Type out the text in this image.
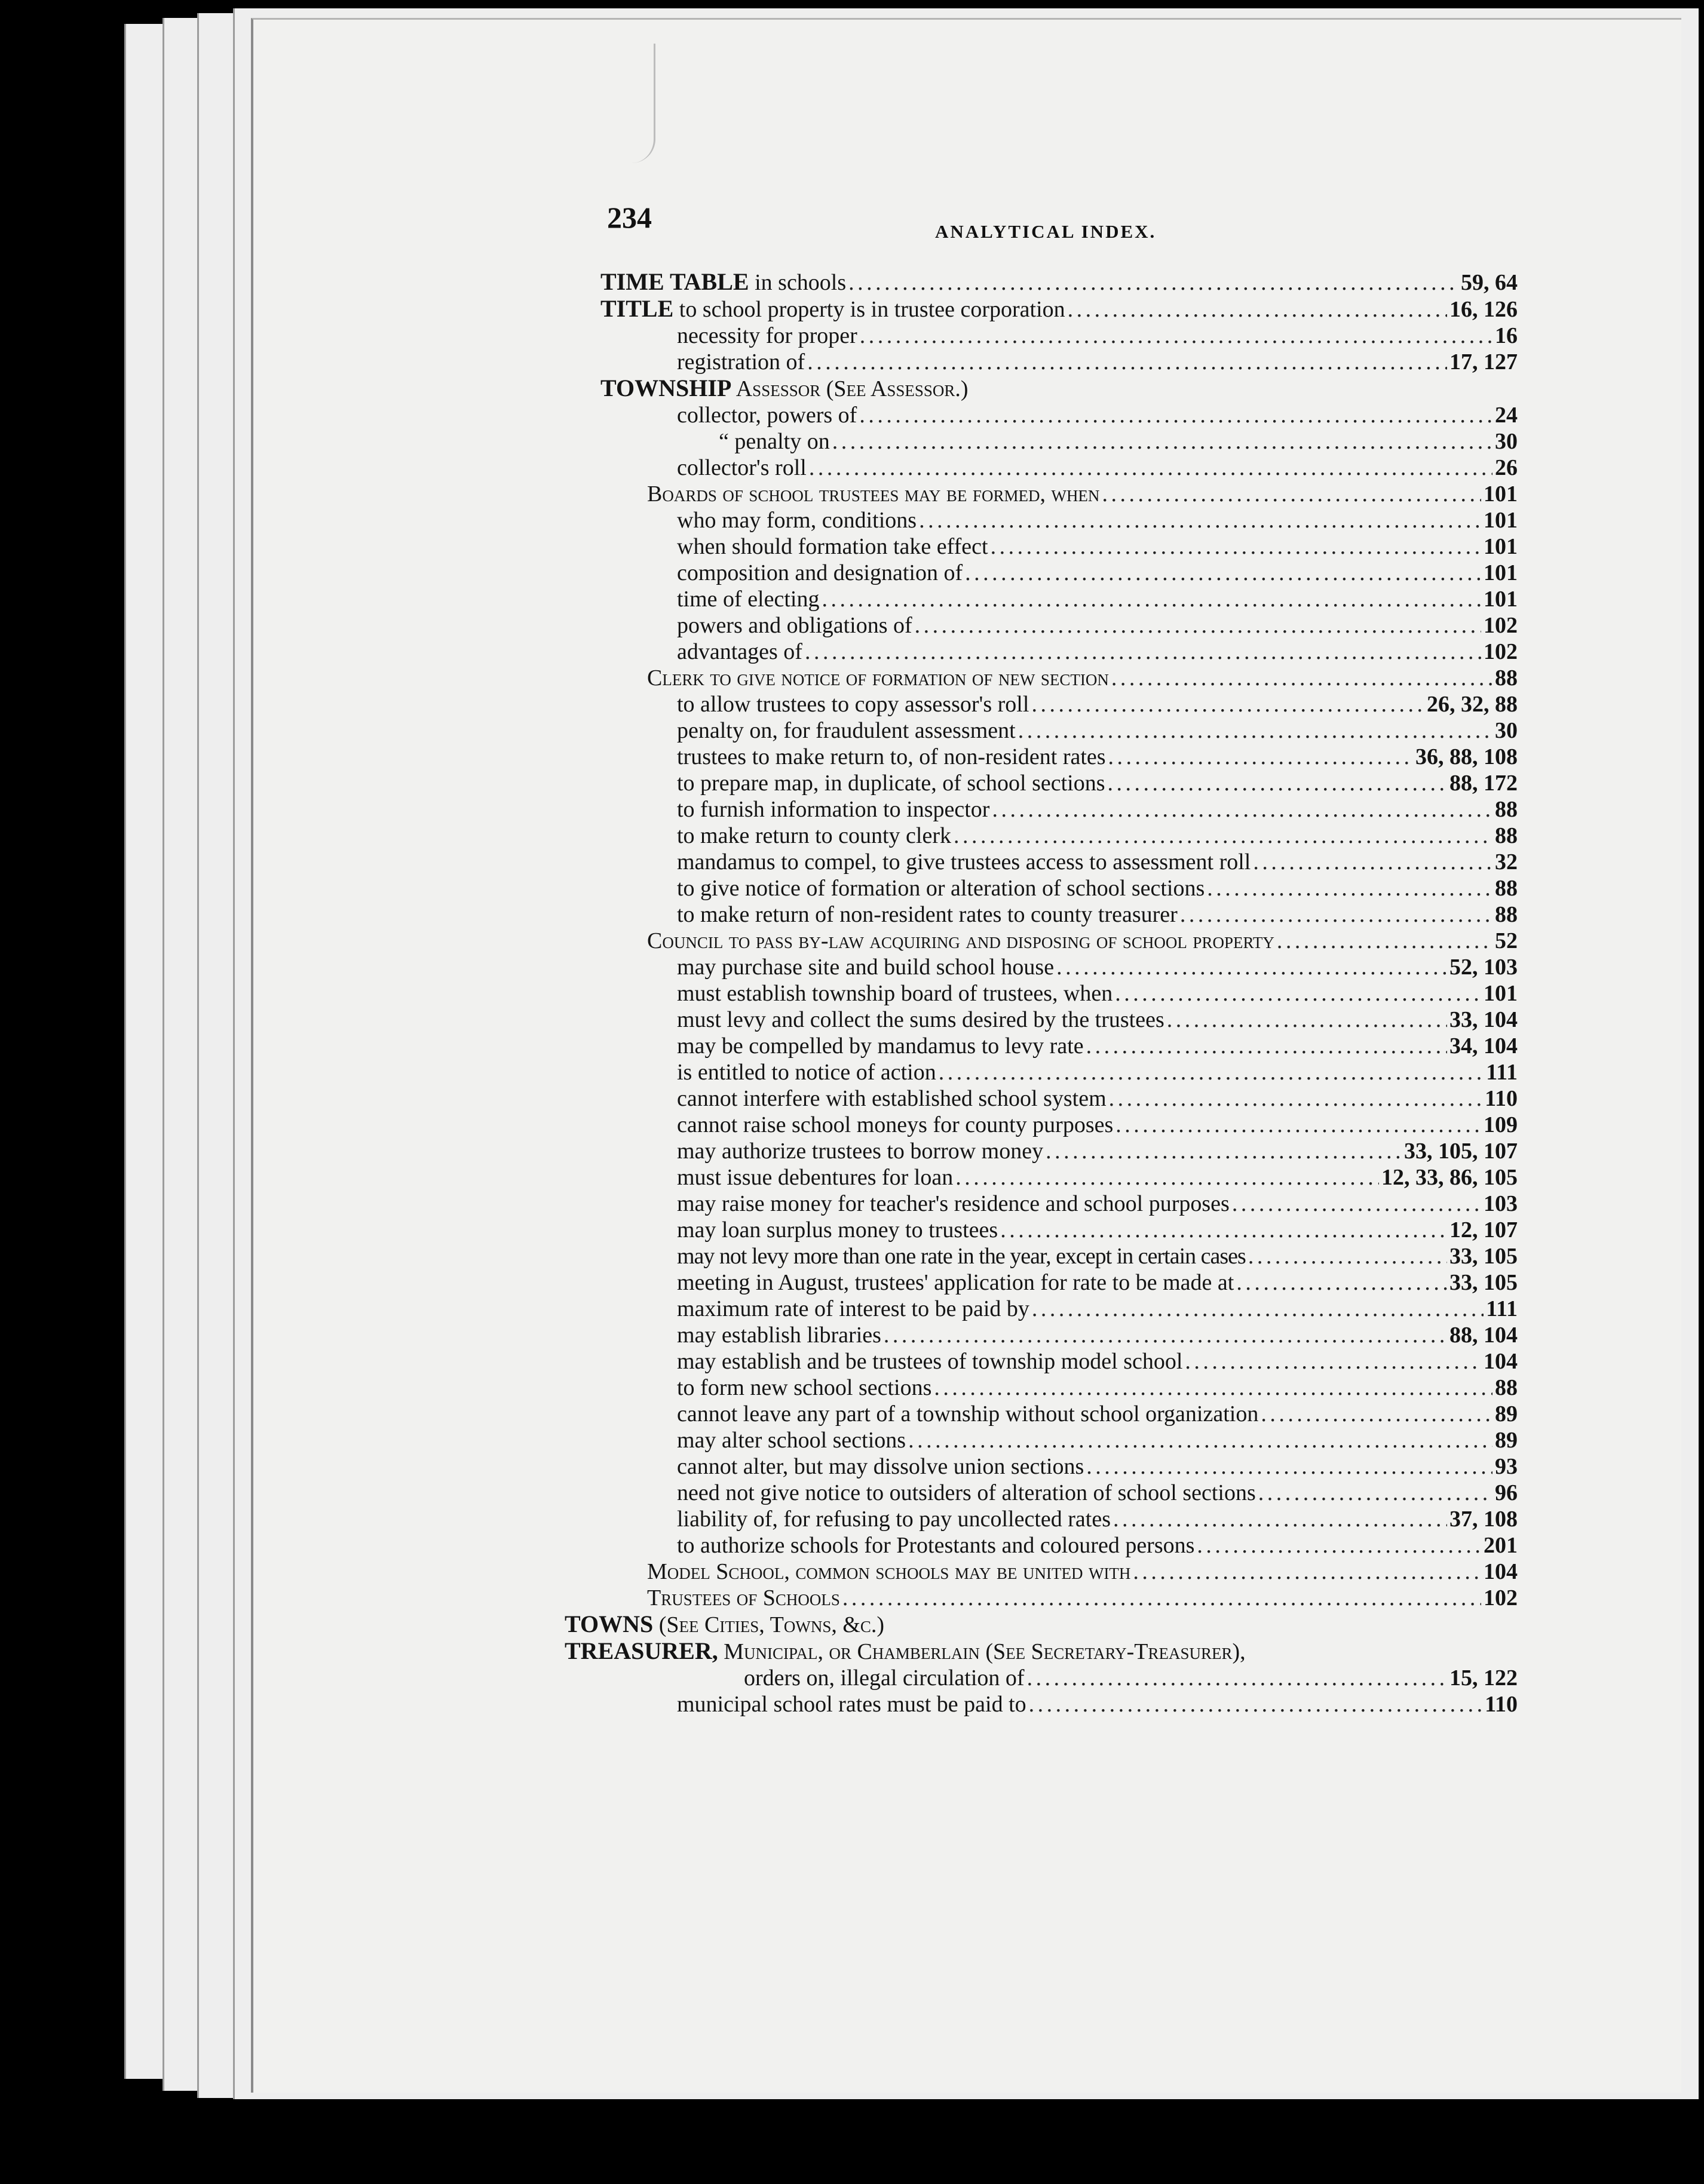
234	ANALYTICAL INDEX.
TIME TABLE in schools . . .	59, 64
TITLE to school property is in trustee corporation . . .	16, 126
necessity for proper . . .	16
registration of . . .	17, 127
TOWNSHIP Assessor (See Assessor.)
collector, powers of . . .	24
“ penalty on . . .	30
collector's roll . . .	26
Boards of school trustees may be formed, when . . .	101
who may form, conditions . . .	101
when should formation take effect . . .	101
composition and designation of . . .	101
time of electing . . .	101
powers and obligations of . . .	102
advantages of . . .	102
Clerk to give notice of formation of new section . . .	88
to allow trustees to copy assessor's roll . . .	26, 32, 88
penalty on, for fraudulent assessment . . .	30
trustees to make return to, of non-resident rates . . .	36, 88, 108
to prepare map, in duplicate, of school sections . . .	88, 172
to furnish information to inspector . . .	88
to make return to county clerk . . .	88
mandamus to compel, to give trustees access to assessment roll . . .	32
to give notice of formation or alteration of school sections . . .	88
to make return of non-resident rates to county treasurer . . .	88
Council to pass by-law acquiring and disposing of school property . . .	52
may purchase site and build school house . . .	52, 103
must establish township board of trustees, when . . .	101
must levy and collect the sums desired by the trustees . . .	33, 104
may be compelled by mandamus to levy rate . . .	34, 104
is entitled to notice of action . . .	111
cannot interfere with established school system . . .	110
cannot raise school moneys for county purposes . . .	109
may authorize trustees to borrow money . . .	33, 105, 107
must issue debentures for loan . . .	12, 33, 86, 105
may raise money for teacher's residence and school purposes . . .	103
may loan surplus money to trustees . . .	12, 107
may not levy more than one rate in the year, except in certain cases . . .	33, 105
meeting in August, trustees' application for rate to be made at . . .	33, 105
maximum rate of interest to be paid by . . .	111
may establish libraries . . .	88, 104
may establish and be trustees of township model school . . .	104
to form new school sections . . .	88
cannot leave any part of a township without school organization . . .	89
may alter school sections . . .	89
cannot alter, but may dissolve union sections . . .	93
need not give notice to outsiders of alteration of school sections . . .	96
liability of, for refusing to pay uncollected rates . . .	37, 108
to authorize schools for Protestants and coloured persons . . .	201
Model School, common schools may be united with . . .	104
Trustees of Schools . . .	102
TOWNS (See Cities, Towns, &c.)
TREASURER, Municipal, or Chamberlain (See Secretary-Treasurer),
orders on, illegal circulation of . . .	15, 122
municipal school rates must be paid to . . .	110
